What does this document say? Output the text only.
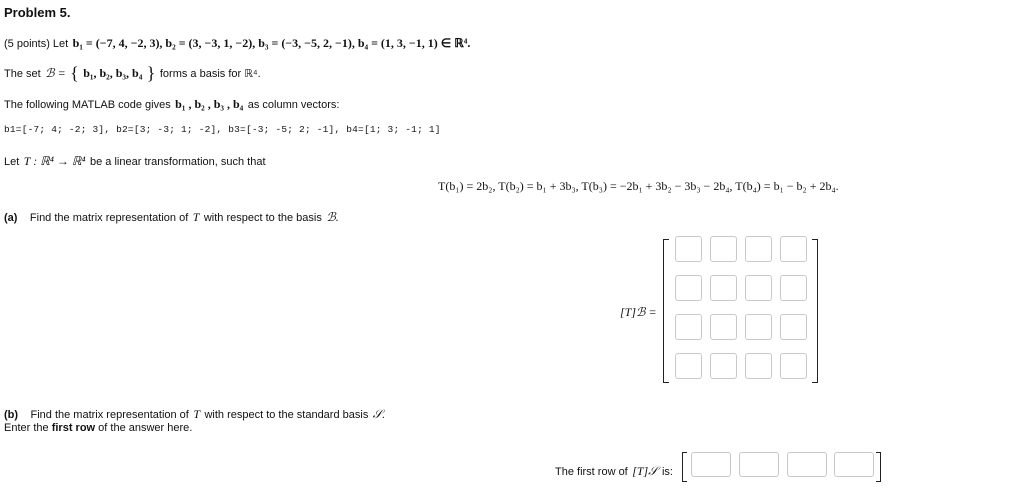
Problem 5.
(5 points) Let b₁ = (−7, 4, −2, 3), b₂ = (3, −3, 1, −2), b₃ = (−3, −5, 2, −1), b₄ = (1, 3, −1, 1) ∈ ℝ⁴.
The set ℬ = { b₁, b₂, b₃, b₄ } forms a basis for ℝ⁴.
The following MATLAB code gives b₁ , b₂ , b₃ , b₄ as column vectors:
b1=[-7; 4; -2; 3], b2=[3; -3; 1; -2], b3=[-3; -5; 2; -1], b4=[1; 3; -1; 1]
Let T : ℝ⁴ → ℝ⁴ be a linear transformation, such that
T(b₁) = 2b₂, T(b₂) = b₁ + 3b₃, T(b₃) = −2b₁ + 3b₂ − 3b₃ − 2b₄, T(b₄) = b₁ − b₂ + 2b₄.
(a) Find the matrix representation of T with respect to the basis ℬ.
[T]ℬ =
(b) Find the matrix representation of T with respect to the standard basis 𝒮.
Enter the first row of the answer here.
The first row of [T]𝒮 is:
